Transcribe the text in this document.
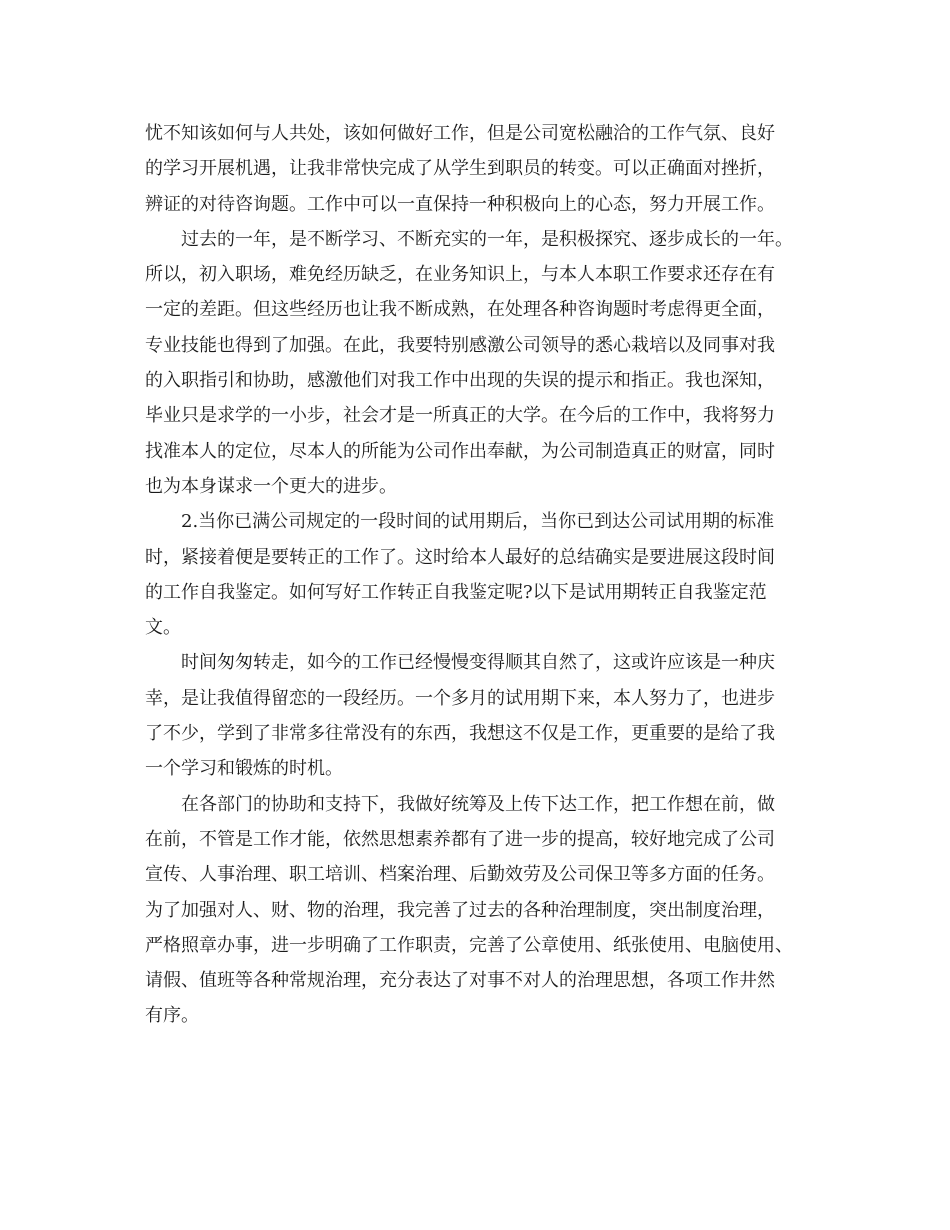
忧不知该如何与人共处，该如何做好工作，但是公司宽松融洽的工作气氛、良好
的学习开展机遇，让我非常快完成了从学生到职员的转变。可以正确面对挫折，
辨证的对待咨询题。工作中可以一直保持一种积极向上的心态，努力开展工作。
过去的一年，是不断学习、不断充实的一年，是积极探究、逐步成长的一年。
所以，初入职场，难免经历缺乏，在业务知识上，与本人本职工作要求还存在有
一定的差距。但这些经历也让我不断成熟，在处理各种咨询题时考虑得更全面，
专业技能也得到了加强。在此，我要特别感激公司领导的悉心栽培以及同事对我
的入职指引和协助，感激他们对我工作中出现的失误的提示和指正。我也深知，
毕业只是求学的一小步，社会才是一所真正的大学。在今后的工作中，我将努力
找准本人的定位，尽本人的所能为公司作出奉献，为公司制造真正的财富，同时
也为本身谋求一个更大的进步。
2.当你已满公司规定的一段时间的试用期后，当你已到达公司试用期的标准
时，紧接着便是要转正的工作了。这时给本人最好的总结确实是要进展这段时间
的工作自我鉴定。如何写好工作转正自我鉴定呢?以下是试用期转正自我鉴定范
文。
时间匆匆转走，如今的工作已经慢慢变得顺其自然了，这或许应该是一种庆
幸，是让我值得留恋的一段经历。一个多月的试用期下来，本人努力了，也进步
了不少，学到了非常多往常没有的东西，我想这不仅是工作，更重要的是给了我
一个学习和锻炼的时机。
在各部门的协助和支持下，我做好统筹及上传下达工作，把工作想在前，做
在前，不管是工作才能，依然思想素养都有了进一步的提高，较好地完成了公司
宣传、人事治理、职工培训、档案治理、后勤效劳及公司保卫等多方面的任务。
为了加强对人、财、物的治理，我完善了过去的各种治理制度，突出制度治理，
严格照章办事，进一步明确了工作职责，完善了公章使用、纸张使用、电脑使用、
请假、值班等各种常规治理，充分表达了对事不对人的治理思想，各项工作井然
有序。
